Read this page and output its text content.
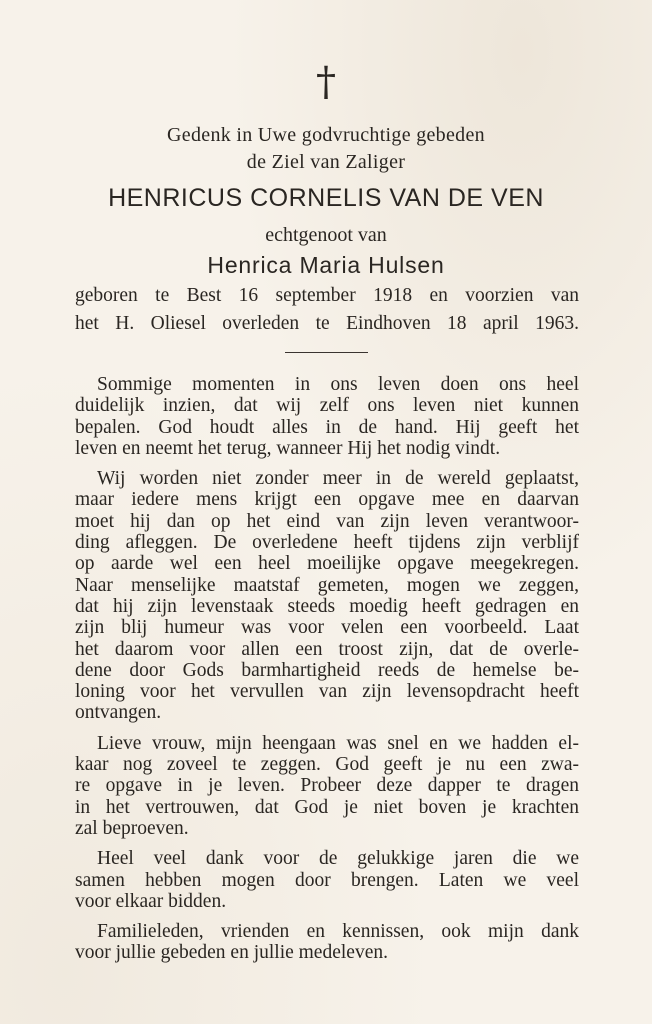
†
Gedenk in Uwe godvruchtige gebeden
de Ziel van Zaliger
HENRICUS CORNELIS VAN DE VEN
echtgenoot van
Henrica Maria Hulsen
geboren te Best 16 september 1918 en voorzien van
het H. Oliesel overleden te Eindhoven 18 april 1963.
Sommige momenten in ons leven doen ons heel
duidelijk inzien, dat wij zelf ons leven niet kunnen
bepalen. God houdt alles in de hand. Hij geeft het
leven en neemt het terug, wanneer Hij het nodig vindt.
Wij worden niet zonder meer in de wereld geplaatst,
maar iedere mens krijgt een opgave mee en daarvan
moet hij dan op het eind van zijn leven verantwoor-
ding afleggen. De overledene heeft tijdens zijn verblijf
op aarde wel een heel moeilijke opgave meegekregen.
Naar menselijke maatstaf gemeten, mogen we zeggen,
dat hij zijn levenstaak steeds moedig heeft gedragen en
zijn blij humeur was voor velen een voorbeeld. Laat
het daarom voor allen een troost zijn, dat de overle-
dene door Gods barmhartigheid reeds de hemelse be-
loning voor het vervullen van zijn levensopdracht heeft
ontvangen.
Lieve vrouw, mijn heengaan was snel en we hadden el-
kaar nog zoveel te zeggen. God geeft je nu een zwa-
re opgave in je leven. Probeer deze dapper te dragen
in het vertrouwen, dat God je niet boven je krachten
zal beproeven.
Heel veel dank voor de gelukkige jaren die we
samen hebben mogen door brengen. Laten we veel
voor elkaar bidden.
Familieleden, vrienden en kennissen, ook mijn dank
voor jullie gebeden en jullie medeleven.
